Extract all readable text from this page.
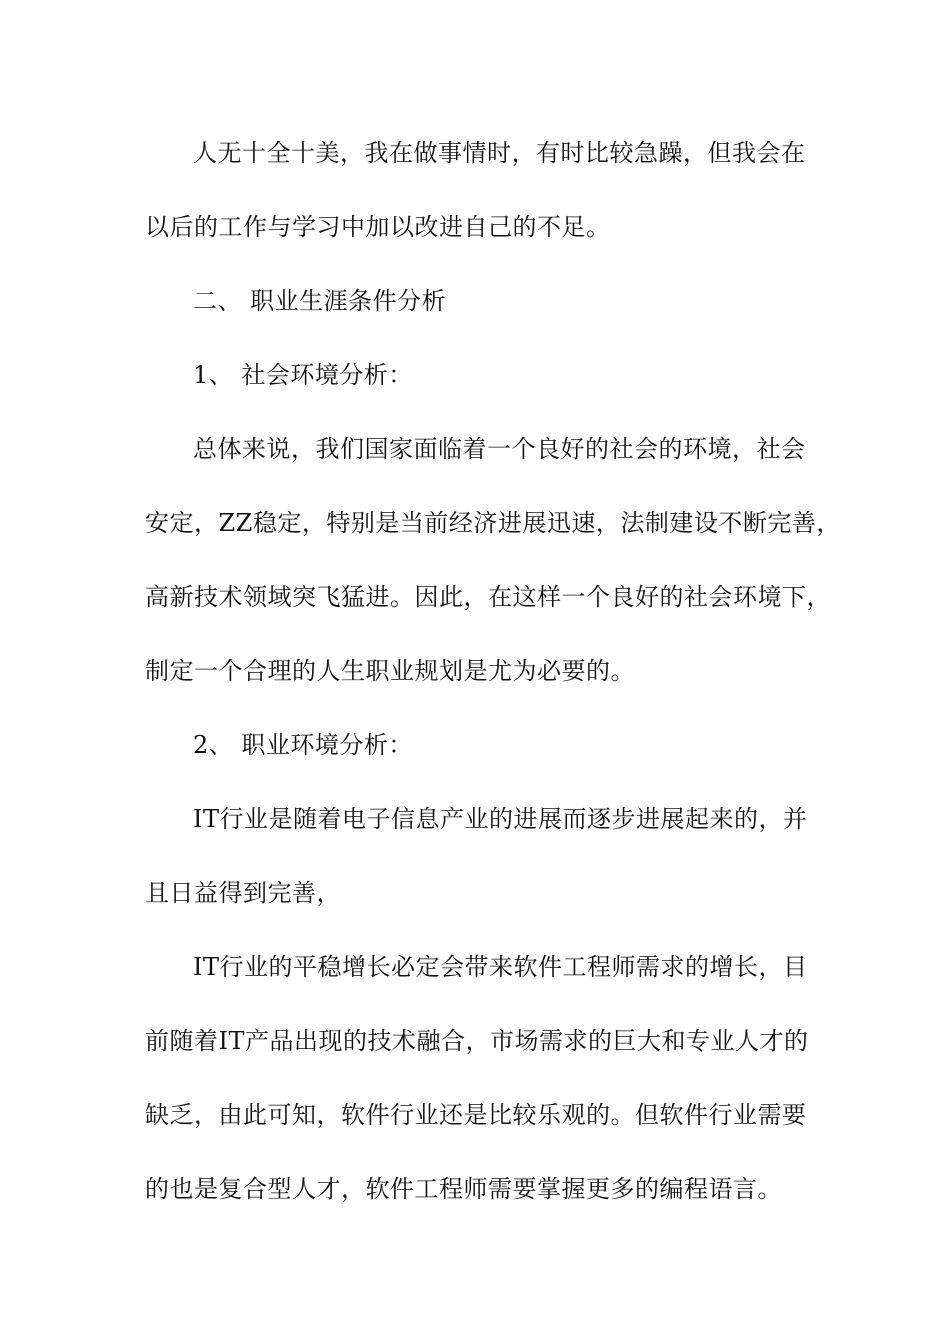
人无十全十美，我在做事情时，有时比较急躁，但我会在
以后的工作与学习中加以改进自己的不足。
二、 职业生涯条件分析
1、 社会环境分析：
总体来说，我们国家面临着一个良好的社会的环境，社会
安定，ZZ稳定，特别是当前经济进展迅速，法制建设不断完善，
高新技术领域突飞猛进。因此，在这样一个良好的社会环境下，
制定一个合理的人生职业规划是尤为必要的。
2、 职业环境分析：
IT行业是随着电子信息产业的进展而逐步进展起来的，并
且日益得到完善，
IT行业的平稳增长必定会带来软件工程师需求的增长，目
前随着IT产品出现的技术融合，市场需求的巨大和专业人才的
缺乏，由此可知，软件行业还是比较乐观的。但软件行业需要
的也是复合型人才，软件工程师需要掌握更多的编程语言。
